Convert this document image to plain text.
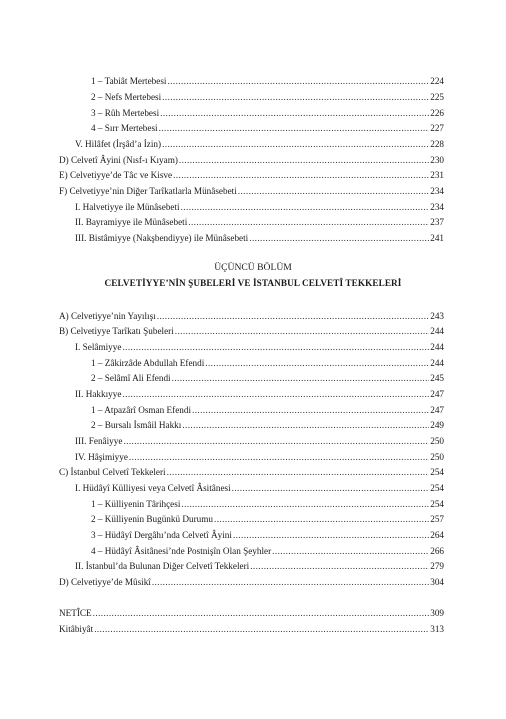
1 – Tabiât Mertebesi .....	224
2 – Nefs Mertebesi .....	225
3 – Rûh Mertebesi .....	226
4 – Sırr Mertebesi .....	227
V. Hilâfet (İrşâd’a İzin) .....	228
D) Celvetî Âyini (Nısf-ı Kıyam) .....	230
E) Celvetiyye’de Tâc ve Kisve .....	231
F) Celvetiyye’nin Diğer Tarîkatlarla Münâsebeti .....	234
I. Halvetiyye ile Münâsebeti .....	234
II. Bayramiyye ile Münâsebeti .....	237
III. Bistâmiyye (Nakşbendiyye) ile Münâsebeti .....	241
ÜÇÜNCÜ BÖLÜM
CELVETİYYE’NİN ŞUBELERİ VE İSTANBUL CELVETÎ TEKKELERİ
A) Celvetiyye’nin Yayılışı .....	243
B) Celvetiyye Tarîkatı Şubeleri .....	244
I. Selâmiyye .....	244
1 – Zâkirzâde Abdullah Efendi .....	244
2 – Selâmî Ali Efendi .....	245
II. Hakkıyye .....	247
1 – Atpazârî Osman Efendi .....	247
2 – Bursalı İsmâil Hakkı .....	249
III. Fenâiyye .....	250
IV. Hâşimiyye .....	250
C) İstanbul Celvetî Tekkeleri .....	254
I. Hüdâyî Külliyesi veya Celvetî Âsitânesi .....	254
1 – Külliyenin Târihçesi .....	254
2 – Külliyenin Bugünkü Durumu .....	257
3 – Hüdâyî Dergâhı’nda Celvetî Âyini .....	264
4 – Hüdâyî Âsitânesi’nde Postnişîn Olan Şeyhler .....	266
II. İstanbul’da Bulunan Diğer Celvetî Tekkeleri .....	279
D) Celvetiyye’de Mûsikî .....	304
NETÎCE .....	309
Kitâbiyât .....	313
